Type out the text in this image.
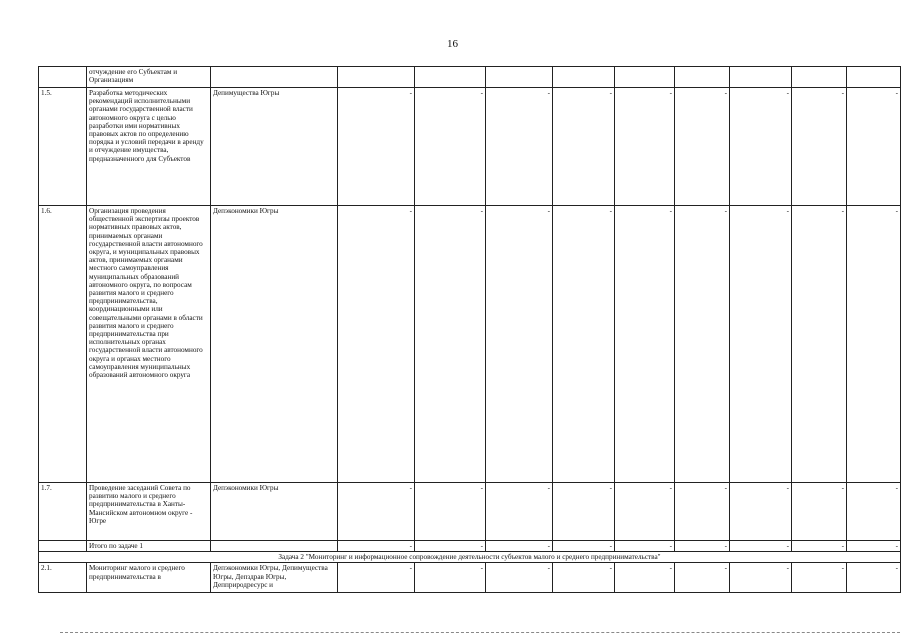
16
	отчуждение его Субъектам и Организациям										
1.5.	Разработка методических рекомендаций исполнительными органами государственной власти автономного округа с целью разработки ими нормативных правовых актов по определению порядка и условий передачи в аренду и отчуждение имущества, предназначенного для Субъектов	Депимущества Югры	-	-	-	-	-	-	-	-	-
1.6.	Организация проведения общественной экспертизы проектов нормативных правовых актов, принимаемых органами государственной власти автономного округа, и муниципальных правовых актов, принимаемых органами местного самоуправления муниципальных образований автономного округа, по вопросам развития малого и среднего предпринимательства, координационными или совещательными органами в области развития малого и среднего предпринимательства при исполнительных органах государственной власти автономного округа и органах местного самоуправления муниципальных образований автономного округа	Депэкономики Югры	-	-	-	-	-	-	-	-	-
1.7.	Проведение заседаний Совета по развитию малого и среднего предпринимательства в Ханты-Мансийском автономном округе - Югре	Депэкономики Югры	-	-	-	-	-	-	-	-	-
	Итого по задаче 1		-	-	-	-	-	-	-	-	-
Задача 2 "Мониторинг и информационное сопровождение деятельности субъектов малого и среднего предпринимательства"											
2.1.	Мониторинг малого и среднего предпринимательства в	Депэкономики Югры, Депимущества Югры, Депздрав Югры, Депприродресурс и	-	-	-	-	-	-	-	-	-
